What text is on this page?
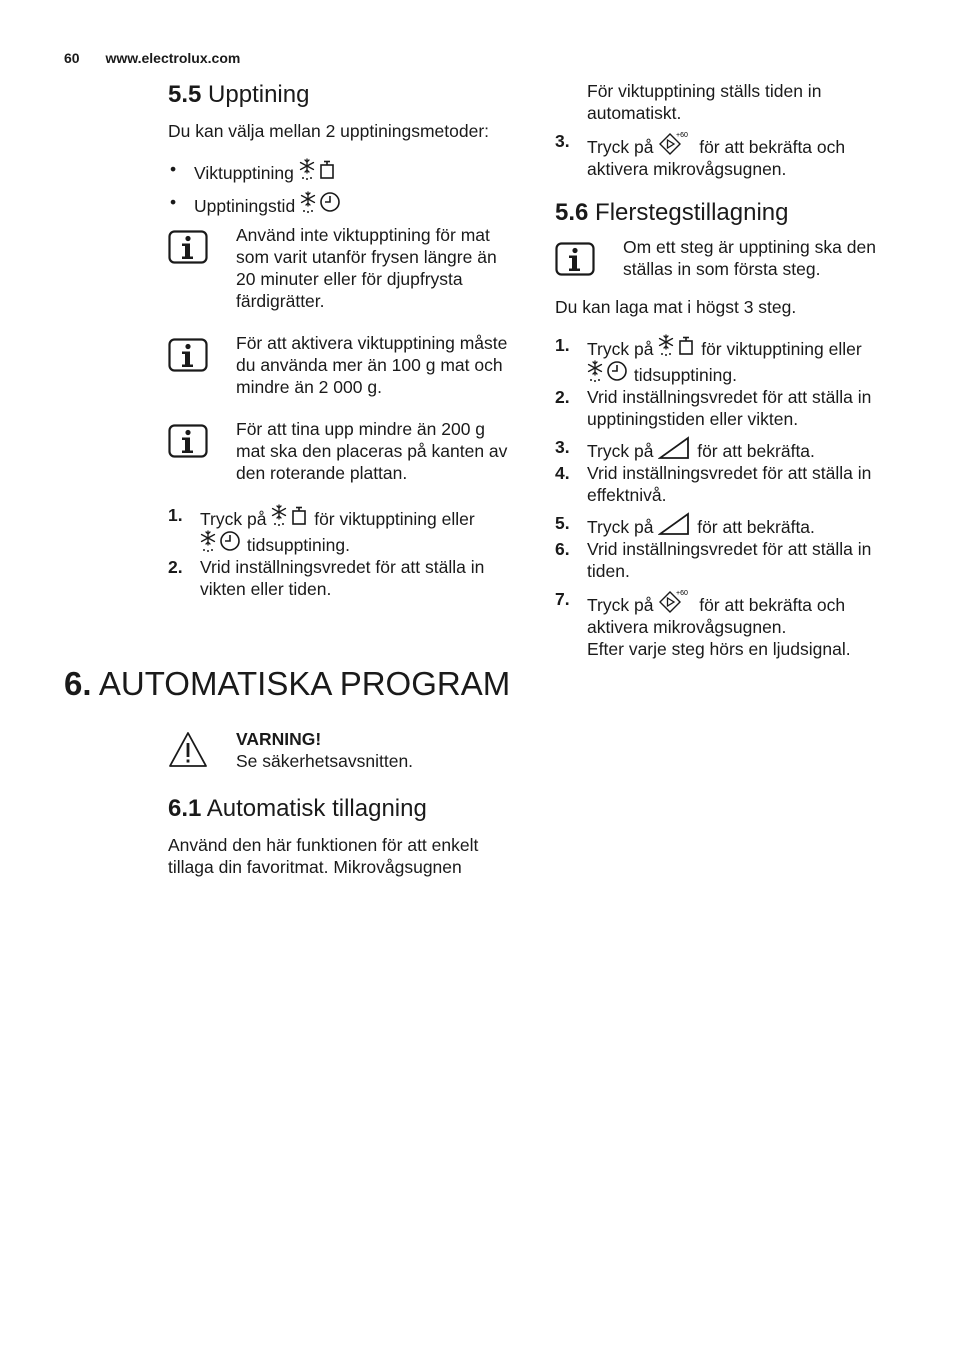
60 www.electrolux.com
5.5 Upptining

Du kan välja mellan 2 upptiningsmetoder:

• Viktupptining
• Upptiningstid
Använd inte viktupptining för mat som varit utanför frysen längre än 20 minuter eller för djupfrysta färdigrätter.
För att aktivera viktupptining måste du använda mer än 100 g mat och mindre än 2 000 g.
För att tina upp mindre än 200 g mat ska den placeras på kanten av den roterande plattan.
1. Tryck på	för viktupptining eller
tidsupptining.
2. Vrid inställningsvredet för att ställa in vikten eller tiden.
6. AUTOMATISKA PROGRAM
VARNING!
Se säkerhetsavsnitten.
6.1 Automatisk tillagning

Använd den här funktionen för att enkelt tillaga din favoritmat. Mikrovågsugnen

För viktupptining ställs tiden in automatiskt.

3. Tryck på
+60
för att bekräfta och aktivera mikrovågsugnen.
5.6 Flerstegstillagning
Om ett steg är upptining ska den ställas in som första steg.

Du kan laga mat i högst 3 steg.

1. Tryck på	för viktupptining eller
tidsupptining.
2. Vrid inställningsvredet för att ställa in upptiningstiden eller vikten.
3. Tryck på	för att bekräfta.
4. Vrid inställningsvredet för att ställa in effektnivå.
5. Tryck på	för att bekräfta.
6. Vrid inställningsvredet för att ställa in tiden.
7. Tryck på
+60
för att bekräfta och aktivera mikrovågsugnen.
Efter varje steg hörs en ljudsignal.
